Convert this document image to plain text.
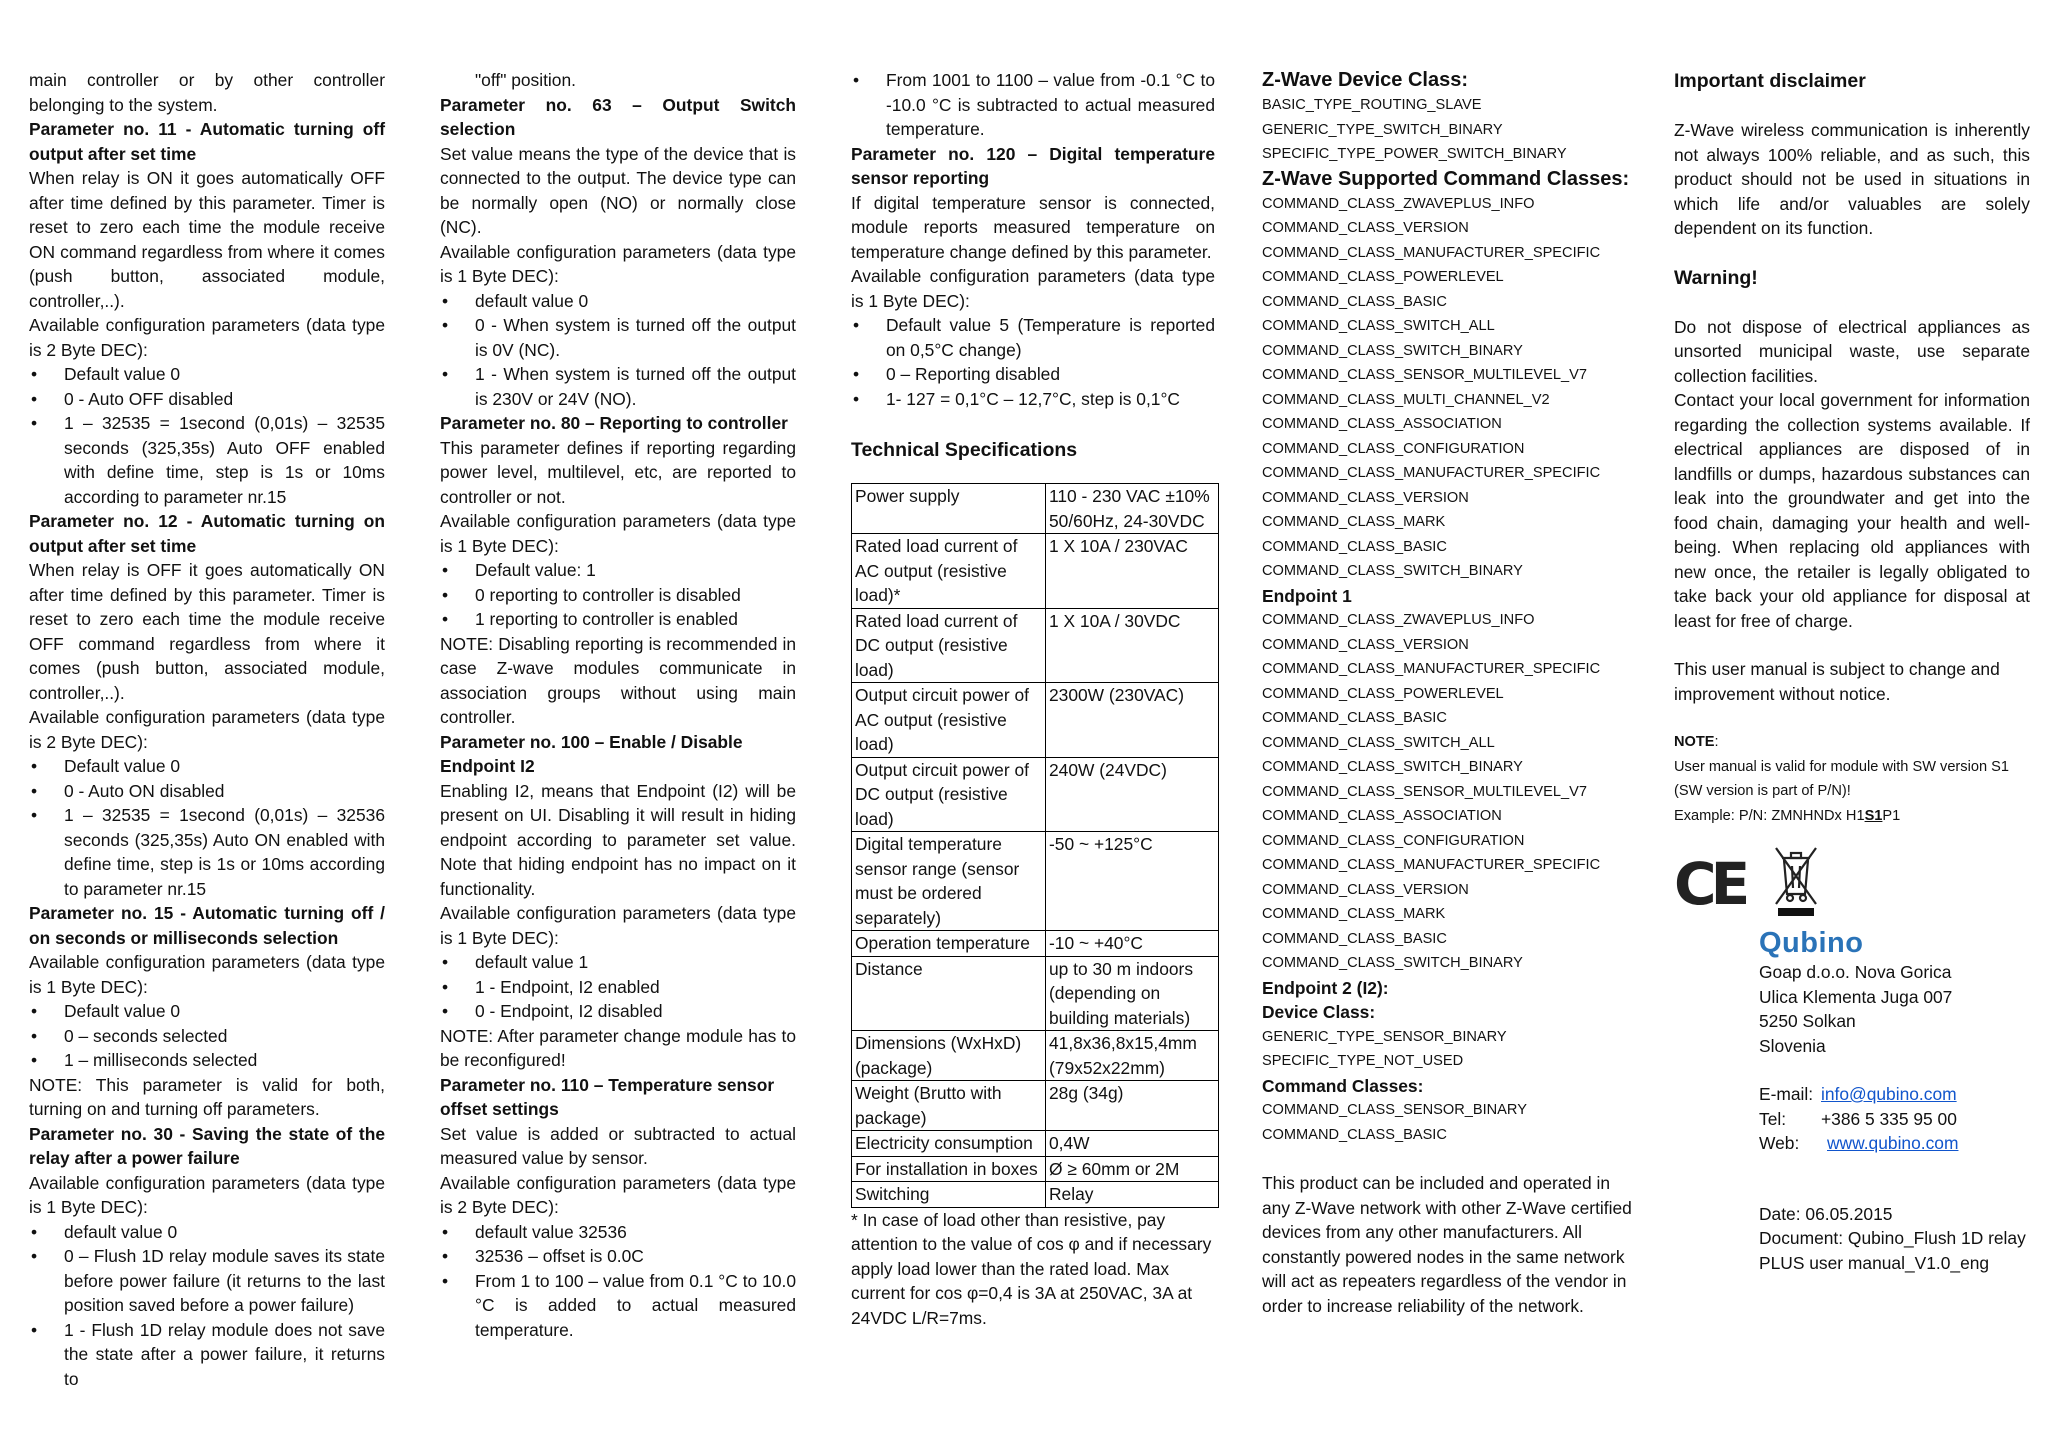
main controller or by other controller belonging to the system.

Parameter no. 11 - Automatic turning off output after set time

When relay is ON it goes automatically OFF after time defined by this parameter. Timer is reset to zero each time the module receive ON command regardless from where it comes (push button, associated module, controller,..).

Available configuration parameters (data type is 2 Byte DEC):

• Default value 0
• 0 - Auto OFF disabled
• 1 – 32535 = 1second (0,01s) – 32535 seconds (325,35s) Auto OFF enabled with define time, step is 1s or 10ms according to parameter nr.15

Parameter no. 12 - Automatic turning on output after set time

When relay is OFF it goes automatically ON after time defined by this parameter. Timer is reset to zero each time the module receive OFF command regardless from where it comes (push button, associated module, controller,..).

Available configuration parameters (data type is 2 Byte DEC):

• Default value 0
• 0 - Auto ON disabled
• 1 – 32535 = 1second (0,01s) – 32536 seconds (325,35s) Auto ON enabled with define time, step is 1s or 10ms according to parameter nr.15

Parameter no. 15 - Automatic turning off / on seconds or milliseconds selection

Available configuration parameters (data type is 1 Byte DEC):

• Default value 0
• 0 – seconds selected
• 1 – milliseconds selected

NOTE: This parameter is valid for both, turning on and turning off parameters.

Parameter no. 30 - Saving the state of the relay after a power failure

Available configuration parameters (data type is 1 Byte DEC):

• default value 0
• 0 – Flush 1D relay module saves its state before power failure (it returns to the last position saved before a power failure)
• 1 - Flush 1D relay module does not save the state after a power failure, it returns to

"off" position.

Parameter no. 63 – Output Switch selection

Set value means the type of the device that is connected to the output. The device type can be normally open (NO) or normally close (NC).

Available configuration parameters (data type is 1 Byte DEC):

• default value 0
• 0 - When system is turned off the output is 0V (NC).
• 1 - When system is turned off the output is 230V or 24V (NO).

Parameter no. 80 – Reporting to controller

This parameter defines if reporting regarding power level, multilevel, etc, are reported to controller or not.

Available configuration parameters (data type is 1 Byte DEC):

• Default value: 1
• 0 reporting to controller is disabled
• 1 reporting to controller is enabled

NOTE: Disabling reporting is recommended in case Z-wave modules communicate in association groups without using main controller.

Parameter no. 100 – Enable / Disable Endpoint I2

Enabling I2, means that Endpoint (I2) will be present on UI. Disabling it will result in hiding endpoint according to parameter set value. Note that hiding endpoint has no impact on it functionality.

Available configuration parameters (data type is 1 Byte DEC):

• default value 1
• 1 - Endpoint, I2 enabled
• 0 - Endpoint, I2 disabled

NOTE: After parameter change module has to be reconfigured!

Parameter no. 110 – Temperature sensor offset settings

Set value is added or subtracted to actual measured value by sensor.

Available configuration parameters (data type is 2 Byte DEC):

• default value 32536
• 32536 – offset is 0.0C
• From 1 to 100 – value from 0.1 °C to 10.0 °C is added to actual measured temperature.
• From 1001 to 1100 – value from -0.1 °C to -10.0 °C is subtracted to actual measured temperature.

Parameter no. 120 – Digital temperature sensor reporting

If digital temperature sensor is connected, module reports measured temperature on temperature change defined by this parameter.

Available configuration parameters (data type is 1 Byte DEC):

• Default value 5 (Temperature is reported on 0,5°C change)
• 0 – Reporting disabled
• 1- 127 = 0,1°C – 12,7°C, step is 0,1°C

Technical Specifications

Power supply	110 - 230 VAC ±10% 50/60Hz, 24-30VDC
Rated load current of AC output (resistive load)*	1 X 10A / 230VAC
Rated load current of DC output (resistive load)	1 X 10A / 30VDC
Output circuit power of AC output (resistive load)	2300W (230VAC)
Output circuit power of DC output (resistive load)	240W (24VDC)
Digital temperature sensor range (sensor must be ordered separately)	-50 ~ +125°C
Operation temperature	-10 ~ +40°C
Distance	up to 30 m indoors (depending on building materials)
Dimensions (WxHxD) (package)	41,8x36,8x15,4mm (79x52x22mm)
Weight (Brutto with package)	28g (34g)
Electricity consumption	0,4W
For installation in boxes	Ø ≥ 60mm or 2M
Switching	Relay

* In case of load other than resistive, pay attention to the value of cos φ and if necessary apply load lower than the rated load. Max current for cos φ=0,4 is 3A at 250VAC, 3A at 24VDC L/R=7ms.

Z-Wave Device Class:

BASIC_TYPE_ROUTING_SLAVE

GENERIC_TYPE_SWITCH_BINARY

SPECIFIC_TYPE_POWER_SWITCH_BINARY

Z-Wave Supported Command Classes:

COMMAND_CLASS_ZWAVEPLUS_INFO

COMMAND_CLASS_VERSION

COMMAND_CLASS_MANUFACTURER_SPECIFIC

COMMAND_CLASS_POWERLEVEL

COMMAND_CLASS_BASIC

COMMAND_CLASS_SWITCH_ALL

COMMAND_CLASS_SWITCH_BINARY

COMMAND_CLASS_SENSOR_MULTILEVEL_V7

COMMAND_CLASS_MULTI_CHANNEL_V2

COMMAND_CLASS_ASSOCIATION

COMMAND_CLASS_CONFIGURATION

COMMAND_CLASS_MANUFACTURER_SPECIFIC

COMMAND_CLASS_VERSION

COMMAND_CLASS_MARK

COMMAND_CLASS_BASIC

COMMAND_CLASS_SWITCH_BINARY

Endpoint 1

COMMAND_CLASS_ZWAVEPLUS_INFO

COMMAND_CLASS_VERSION

COMMAND_CLASS_MANUFACTURER_SPECIFIC

COMMAND_CLASS_POWERLEVEL

COMMAND_CLASS_BASIC

COMMAND_CLASS_SWITCH_ALL

COMMAND_CLASS_SWITCH_BINARY

COMMAND_CLASS_SENSOR_MULTILEVEL_V7

COMMAND_CLASS_ASSOCIATION

COMMAND_CLASS_CONFIGURATION

COMMAND_CLASS_MANUFACTURER_SPECIFIC

COMMAND_CLASS_VERSION

COMMAND_CLASS_MARK

COMMAND_CLASS_BASIC

COMMAND_CLASS_SWITCH_BINARY

Endpoint 2 (I2):

Device Class:

GENERIC_TYPE_SENSOR_BINARY

SPECIFIC_TYPE_NOT_USED

Command Classes:

COMMAND_CLASS_SENSOR_BINARY

COMMAND_CLASS_BASIC

This product can be included and operated in any Z-Wave network with other Z-Wave certified devices from any other manufacturers. All constantly powered nodes in the same network will act as repeaters regardless of the vendor in order to increase reliability of the network.

Important disclaimer

Z-Wave wireless communication is inherently not always 100% reliable, and as such, this product should not be used in situations in which life and/or valuables are solely dependent on its function.

Warning!

Do not dispose of electrical appliances as unsorted municipal waste, use separate collection facilities.

Contact your local government for information regarding the collection systems available. If electrical appliances are disposed of in landfills or dumps, hazardous substances can leak into the groundwater and get into the food chain, damaging your health and well-being. When replacing old appliances with new once, the retailer is legally obligated to take back your old appliance for disposal at least for free of charge.

This user manual is subject to change and improvement without notice.

NOTE:

User manual is valid for module with SW version S1

(SW version is part of P/N)!

Example: P/N: ZMNHNDx H1S1P1

CE

Qubino

Goap d.o.o. Nova Gorica

Ulica Klementa Juga 007

5250 Solkan

Slovenia

E-mail: info@qubino.com
Tel:	+386 5 335 95 00
Web:	www.qubino.com

Date: 06.05.2015

Document: Qubino_Flush 1D relay PLUS user manual_V1.0_eng
